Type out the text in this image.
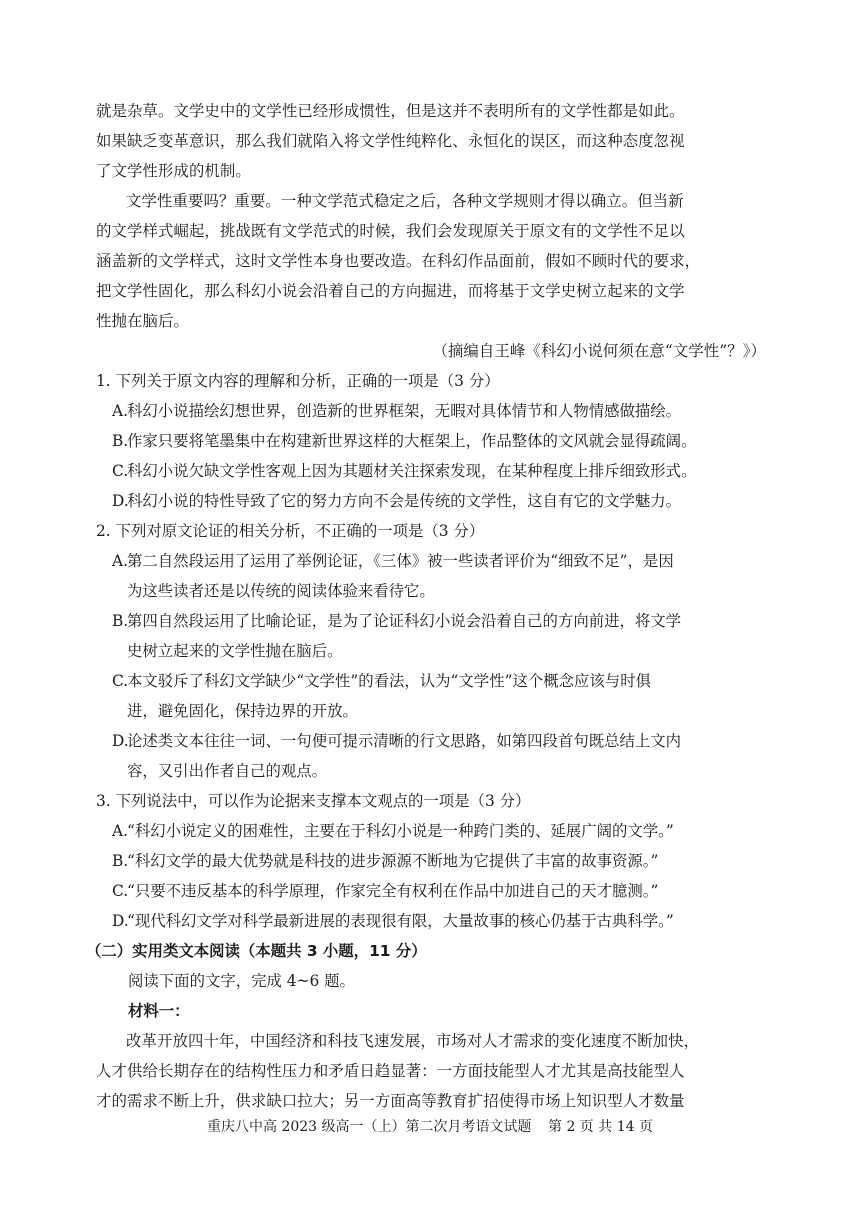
就是杂草。文学史中的文学性已经形成惯性，但是这并不表明所有的文学性都是如此。
如果缺乏变革意识，那么我们就陷入将文学性纯粹化、永恒化的误区，而这种态度忽视
了文学性形成的机制。
文学性重要吗？重要。一种文学范式稳定之后，各种文学规则才得以确立。但当新
的文学样式崛起，挑战既有文学范式的时候，我们会发现原关于原文有的文学性不足以
涵盖新的文学样式，这时文学性本身也要改造。在科幻作品面前，假如不顾时代的要求，
把文学性固化，那么科幻小说会沿着自己的方向掘进，而将基于文学史树立起来的文学
性抛在脑后。
（摘编自王峰《科幻小说何须在意“文学性”？》）
1. 下列关于原文内容的理解和分析，正确的一项是（3 分）
A.
科幻小说描绘幻想世界，创造新的世界框架，无暇对具体情节和人物情感做描绘。
B.
作家只要将笔墨集中在构建新世界这样的大框架上，作品整体的文风就会显得疏阔。
C.
科幻小说欠缺文学性客观上因为其题材关注探索发现，在某种程度上排斥细致形式。
D.
科幻小说的特性导致了它的努力方向不会是传统的文学性，这自有它的文学魅力。
2. 下列对原文论证的相关分析，不正确的一项是（3 分）
A.
第二自然段运用了运用了举例论证，《三体》被一些读者评价为“细致不足”，是因
为这些读者还是以传统的阅读体验来看待它。
B.
第四自然段运用了比喻论证，是为了论证科幻小说会沿着自己的方向前进，将文学
史树立起来的文学性抛在脑后。
C.
本文驳斥了科幻文学缺少“文学性”的看法，认为“文学性”这个概念应该与时俱
进，避免固化，保持边界的开放。
D.
论述类文本往往一词、一句便可提示清晰的行文思路，如第四段首句既总结上文内
容，又引出作者自己的观点。
3. 下列说法中，可以作为论据来支撑本文观点的一项是（3 分）
A.
“科幻小说定义的困难性，主要在于科幻小说是一种跨门类的、延展广阔的文学。”
B.
“科幻文学的最大优势就是科技的进步源源不断地为它提供了丰富的故事资源。”
C.
“只要不违反基本的科学原理，作家完全有权利在作品中加进自己的天才臆测。”
D.
“现代科幻文学对科学最新进展的表现很有限，大量故事的核心仍基于古典科学。”
（二）实用类文本阅读（本题共 3 小题，11 分）
阅读下面的文字，完成 4~6 题。
材料一：
改革开放四十年，中国经济和科技飞速发展，市场对人才需求的变化速度不断加快，
人才供给长期存在的结构性压力和矛盾日趋显著：一方面技能型人才尤其是高技能型人
才的需求不断上升，供求缺口拉大；另一方面高等教育扩招使得市场上知识型人才数量
重庆八中高 2023 级高一（上）第二次月考语文试题 第 2 页 共 14 页
